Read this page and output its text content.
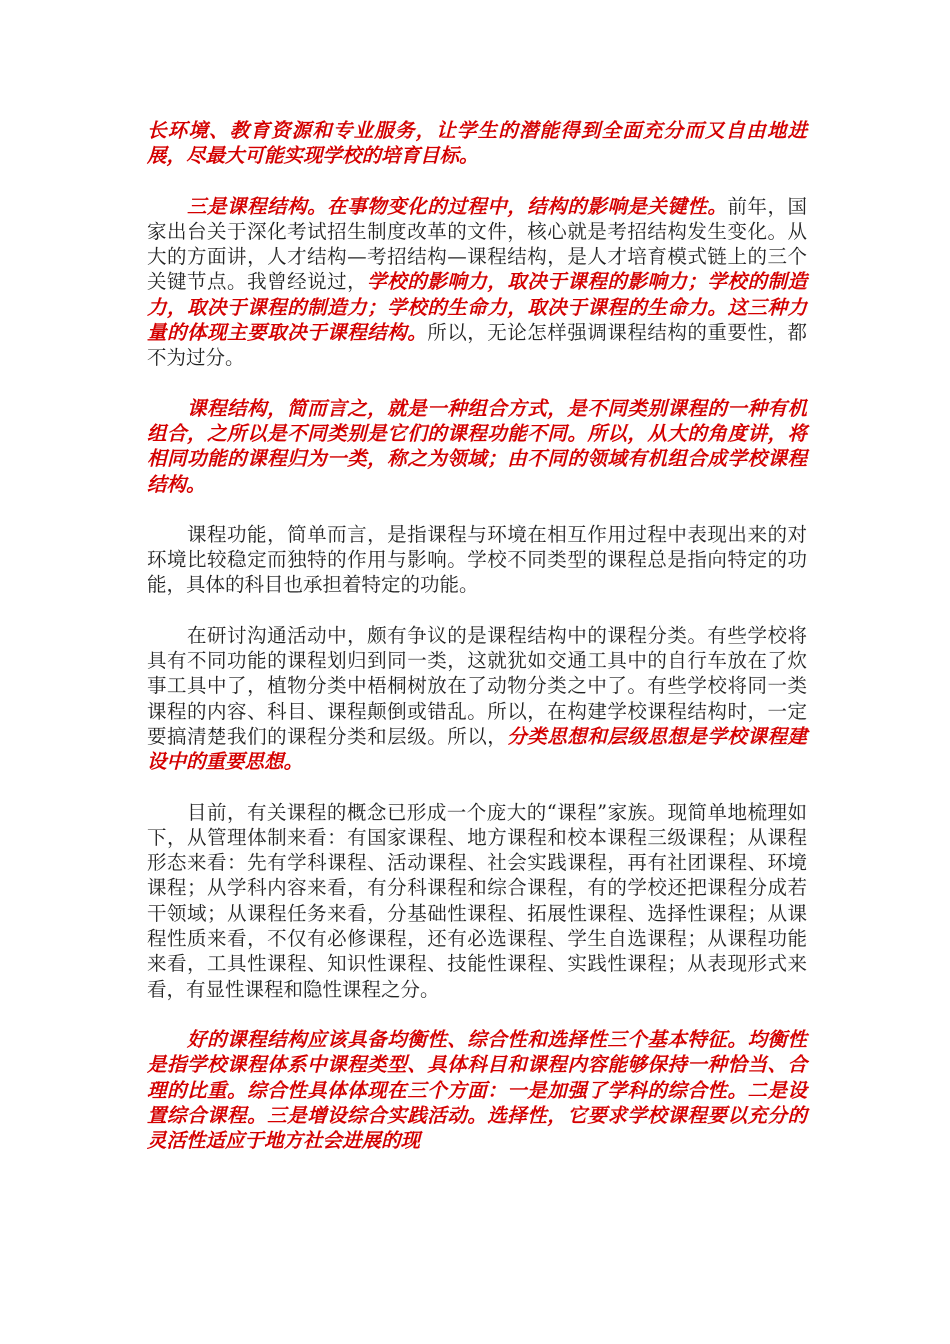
长环境、教育资源和专业服务，让学生的潜能得到全面充分而又自由地进展，尽最大可能实现学校的培育目标。

三是课程结构。在事物变化的过程中，结构的影响是关键性。前年，国家出台关于深化考试招生制度改革的文件，核心就是考招结构发生变化。从大的方面讲，人才结构—考招结构—课程结构，是人才培育模式链上的三个关键节点。我曾经说过，学校的影响力，取决于课程的影响力；学校的制造力，取决于课程的制造力；学校的生命力，取决于课程的生命力。这三种力量的体现主要取决于课程结构。所以，无论怎样强调课程结构的重要性，都不为过分。

课程结构，简而言之，就是一种组合方式，是不同类别课程的一种有机组合，之所以是不同类别是它们的课程功能不同。所以，从大的角度讲，将相同功能的课程归为一类，称之为领域；由不同的领域有机组合成学校课程结构。

课程功能，简单而言，是指课程与环境在相互作用过程中表现出来的对环境比较稳定而独特的作用与影响。学校不同类型的课程总是指向特定的功能，具体的科目也承担着特定的功能。

在研讨沟通活动中，颇有争议的是课程结构中的课程分类。有些学校将具有不同功能的课程划归到同一类，这就犹如交通工具中的自行车放在了炊事工具中了，植物分类中梧桐树放在了动物分类之中了。有些学校将同一类课程的内容、科目、课程颠倒或错乱。所以，在构建学校课程结构时，一定要搞清楚我们的课程分类和层级。所以，分类思想和层级思想是学校课程建设中的重要思想。

目前，有关课程的概念已形成一个庞大的“课程”家族。现简单地梳理如下，从管理体制来看：有国家课程、地方课程和校本课程三级课程；从课程形态来看：先有学科课程、活动课程、社会实践课程，再有社团课程、环境课程；从学科内容来看，有分科课程和综合课程，有的学校还把课程分成若干领域；从课程任务来看，分基础性课程、拓展性课程、选择性课程；从课程性质来看，不仅有必修课程，还有必选课程、学生自选课程；从课程功能来看，工具性课程、知识性课程、技能性课程、实践性课程；从表现形式来看，有显性课程和隐性课程之分。

好的课程结构应该具备均衡性、综合性和选择性三个基本特征。均衡性是指学校课程体系中课程类型、具体科目和课程内容能够保持一种恰当、合理的比重。综合性具体体现在三个方面：一是加强了学科的综合性。二是设置综合课程。三是增设综合实践活动。选择性，它要求学校课程要以充分的灵活性适应于地方社会进展的现
